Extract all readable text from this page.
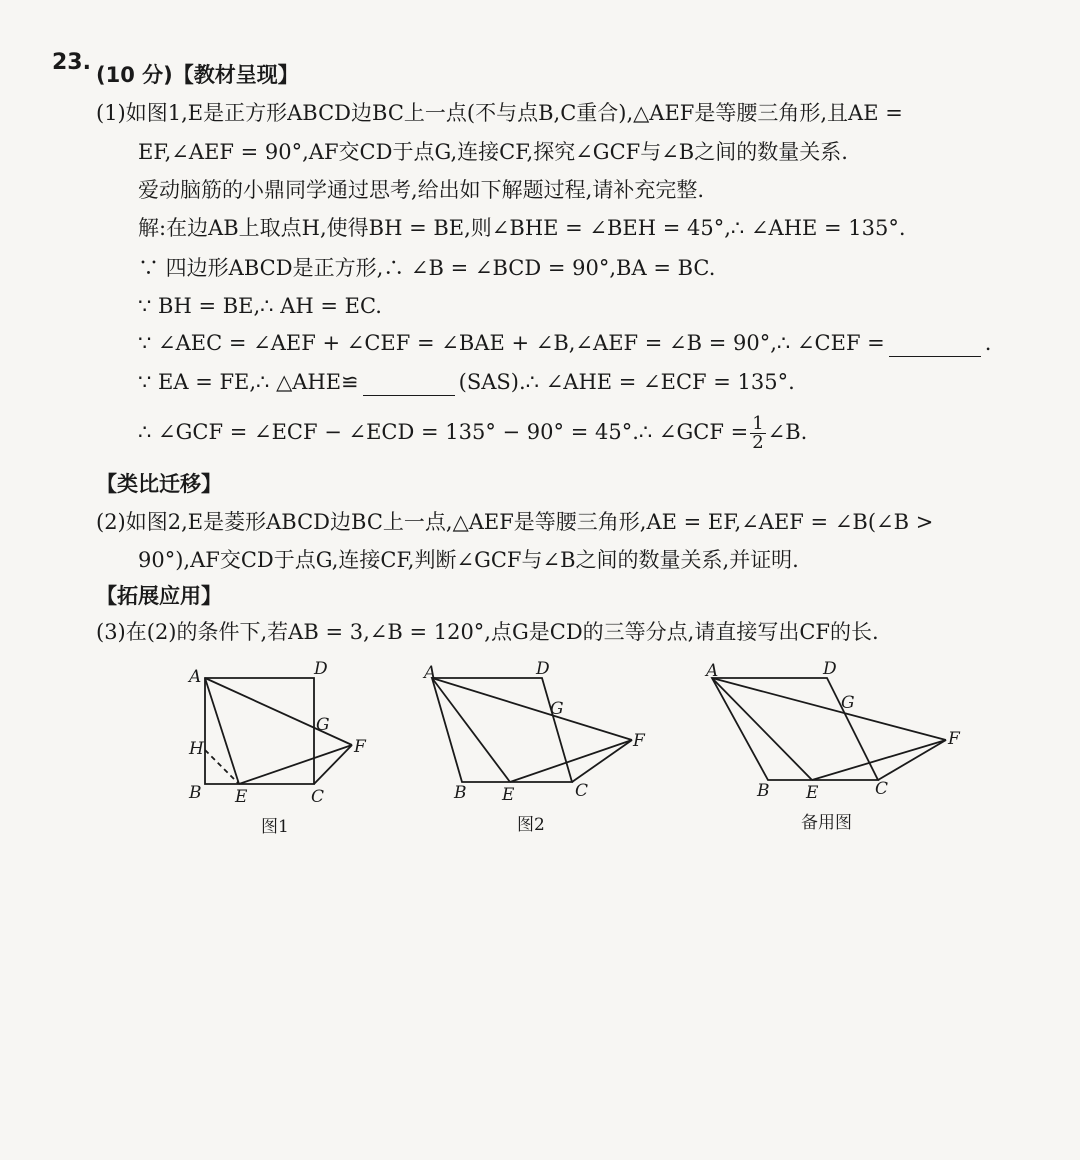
23. (10 分)【教材呈现】
(1)如图1,E是正方形ABCD边BC上一点(不与点B,C重合),△AEF是等腰三角形,且AE =
EF,∠AEF = 90°,AF交CD于点G,连接CF,探究∠GCF与∠B之间的数量关系.
爱动脑筋的小鼎同学通过思考,给出如下解题过程,请补充完整.
解:在边AB上取点H,使得BH = BE,则∠BHE = ∠BEH = 45°,∴ ∠AHE = 135°.
∵ 四边形ABCD是正方形,∴ ∠B = ∠BCD = 90°,BA = BC.
∵ BH = BE,∴ AH = EC.
∵ ∠AEC = ∠AEF + ∠CEF = ∠BAE + ∠B,∠AEF = ∠B = 90°,∴ ∠CEF =	.
∵ EA = FE,∴ △AHE≌	(SAS).∴ ∠AHE = ∠ECF = 135°.
∴ ∠GCF = ∠ECF − ∠ECD = 135° − 90° = 45°.∴ ∠GCF = $\frac{1}{2}$ ∠B.
【类比迁移】
(2)如图2,E是菱形ABCD边BC上一点,△AEF是等腰三角形,AE = EF,∠AEF = ∠B(∠B >
90°),AF交CD于点G,连接CF,判断∠GCF与∠B之间的数量关系,并证明.
【拓展应用】
(3)在(2)的条件下,若AB = 3,∠B = 120°,点G是CD的三等分点,请直接写出CF的长.
A	D
G
F
H
B E	C
图1
A	D
G
F
B E	C
图2
A	D
G
F
B E	C
备用图
